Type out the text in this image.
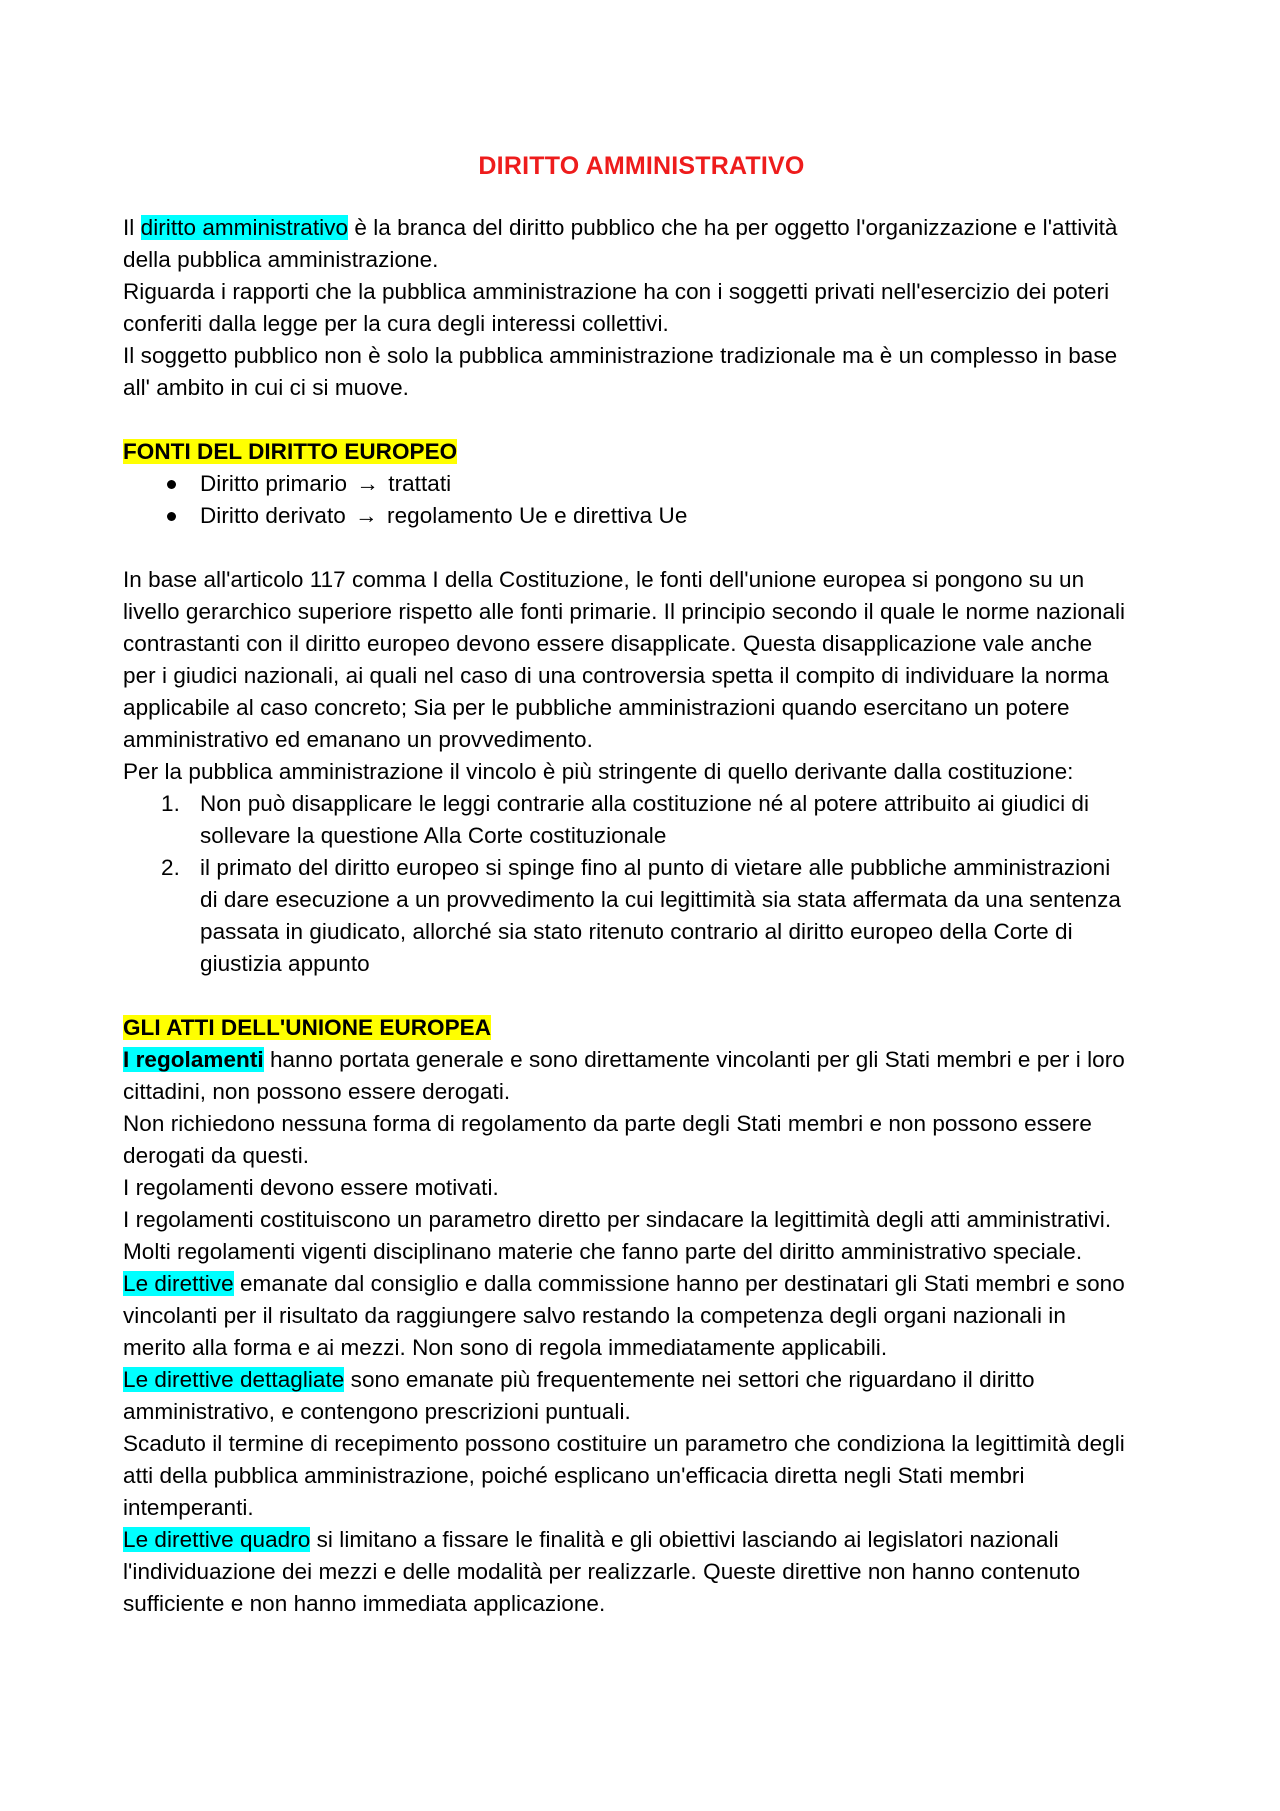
DIRITTO AMMINISTRATIVO

Il diritto amministrativo è la branca del diritto pubblico che ha per oggetto l'organizzazione e l'attività della pubblica amministrazione.

Riguarda i rapporti che la pubblica amministrazione ha con i soggetti privati nell'esercizio dei poteri conferiti dalla legge per la cura degli interessi collettivi.

Il soggetto pubblico non è solo la pubblica amministrazione tradizionale ma è un complesso in base all' ambito in cui ci si muove.

FONTI DEL DIRITTO EUROPEO

Diritto primario → trattati
Diritto derivato → regolamento Ue e direttiva Ue

In base all'articolo 117 comma I della Costituzione, le fonti dell'unione europea si pongono su un livello gerarchico superiore rispetto alle fonti primarie. Il principio secondo il quale le norme nazionali contrastanti con il diritto europeo devono essere disapplicate. Questa disapplicazione vale anche per i giudici nazionali, ai quali nel caso di una controversia spetta il compito di individuare la norma applicabile al caso concreto; Sia per le pubbliche amministrazioni quando esercitano un potere amministrativo ed emanano un provvedimento.

Per la pubblica amministrazione il vincolo è più stringente di quello derivante dalla costituzione:

1. Non può disapplicare le leggi contrarie alla costituzione né al potere attribuito ai giudici di sollevare la questione Alla Corte costituzionale
2. il primato del diritto europeo si spinge fino al punto di vietare alle pubbliche amministrazioni di dare esecuzione a un provvedimento la cui legittimità sia stata affermata da una sentenza passata in giudicato, allorché sia stato ritenuto contrario al diritto europeo della Corte di giustizia appunto

GLI ATTI DELL'UNIONE EUROPEA

I regolamenti hanno portata generale e sono direttamente vincolanti per gli Stati membri e per i loro cittadini, non possono essere derogati.

Non richiedono nessuna forma di regolamento da parte degli Stati membri e non possono essere derogati da questi.

I regolamenti devono essere motivati.

I regolamenti costituiscono un parametro diretto per sindacare la legittimità degli atti amministrativi.

Molti regolamenti vigenti disciplinano materie che fanno parte del diritto amministrativo speciale.

Le direttive emanate dal consiglio e dalla commissione hanno per destinatari gli Stati membri e sono vincolanti per il risultato da raggiungere salvo restando la competenza degli organi nazionali in merito alla forma e ai mezzi. Non sono di regola immediatamente applicabili.

Le direttive dettagliate sono emanate più frequentemente nei settori che riguardano il diritto amministrativo, e contengono prescrizioni puntuali.

Scaduto il termine di recepimento possono costituire un parametro che condiziona la legittimità degli atti della pubblica amministrazione, poiché esplicano un'efficacia diretta negli Stati membri intemperanti.

Le direttive quadro si limitano a fissare le finalità e gli obiettivi lasciando ai legislatori nazionali l'individuazione dei mezzi e delle modalità per realizzarle. Queste direttive non hanno contenuto sufficiente e non hanno immediata applicazione.
